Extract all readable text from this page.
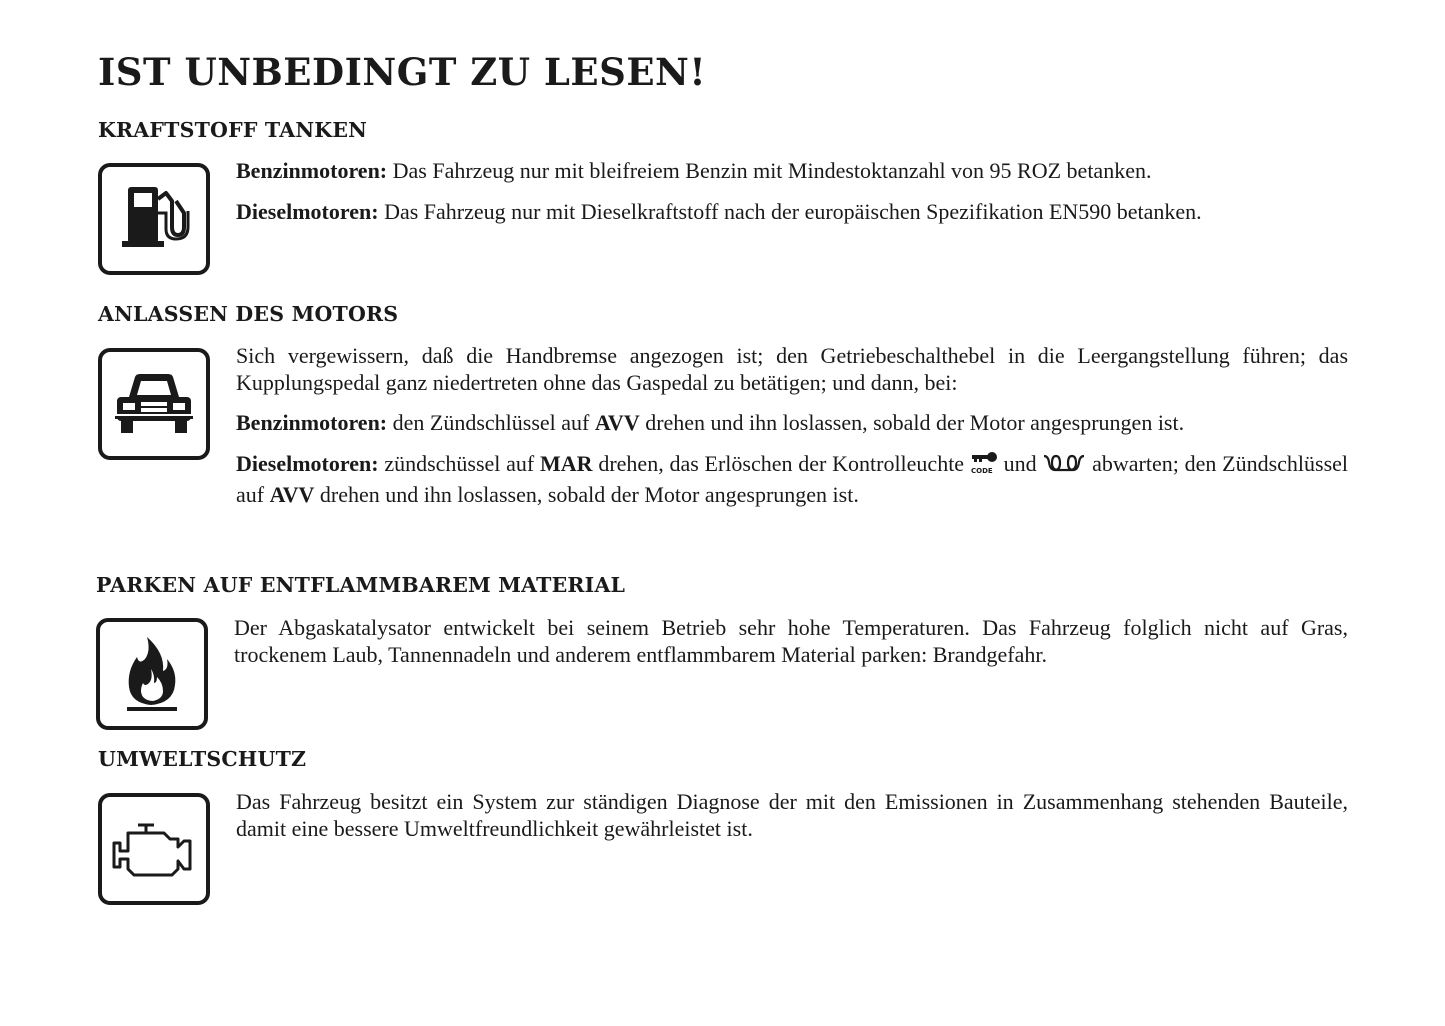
IST UNBEDINGT ZU LESEN!
KRAFTSTOFF TANKEN

Benzinmotoren: Das Fahrzeug nur mit bleifreiem Benzin mit Mindestoktanzahl von 95 ROZ betanken.

Dieselmotoren: Das Fahrzeug nur mit Dieselkraftstoff nach der europäischen Spezifikation EN590 betanken.

ANLASSEN DES MOTORS

Sich vergewissern, daß die Handbremse angezogen ist; den Getriebeschalthebel in die Leergangstellung führen; das Kupplungspedal ganz niedertreten ohne das Gaspedal zu betätigen; und dann, bei:

Benzinmotoren: den Zündschlüssel auf AVV drehen und ihn loslassen, sobald der Motor angesprungen ist.

Dieselmotoren: zündschüssel auf MAR drehen, das Erlöschen der Kontrolleuchte CODE und  abwarten; den Zündschlüssel auf AVV drehen und ihn loslassen, sobald der Motor angesprungen ist.

PARKEN AUF ENTFLAMMBAREM MATERIAL

Der Abgaskatalysator entwickelt bei seinem Betrieb sehr hohe Temperaturen. Das Fahrzeug folglich nicht auf Gras, trockenem Laub, Tannennadeln und anderem entflammbarem Material parken: Brandgefahr.

UMWELTSCHUTZ

Das Fahrzeug besitzt ein System zur ständigen Diagnose der mit den Emissionen in Zusammenhang stehenden Bauteile, damit eine bessere Umweltfreundlichkeit gewährleistet ist.
